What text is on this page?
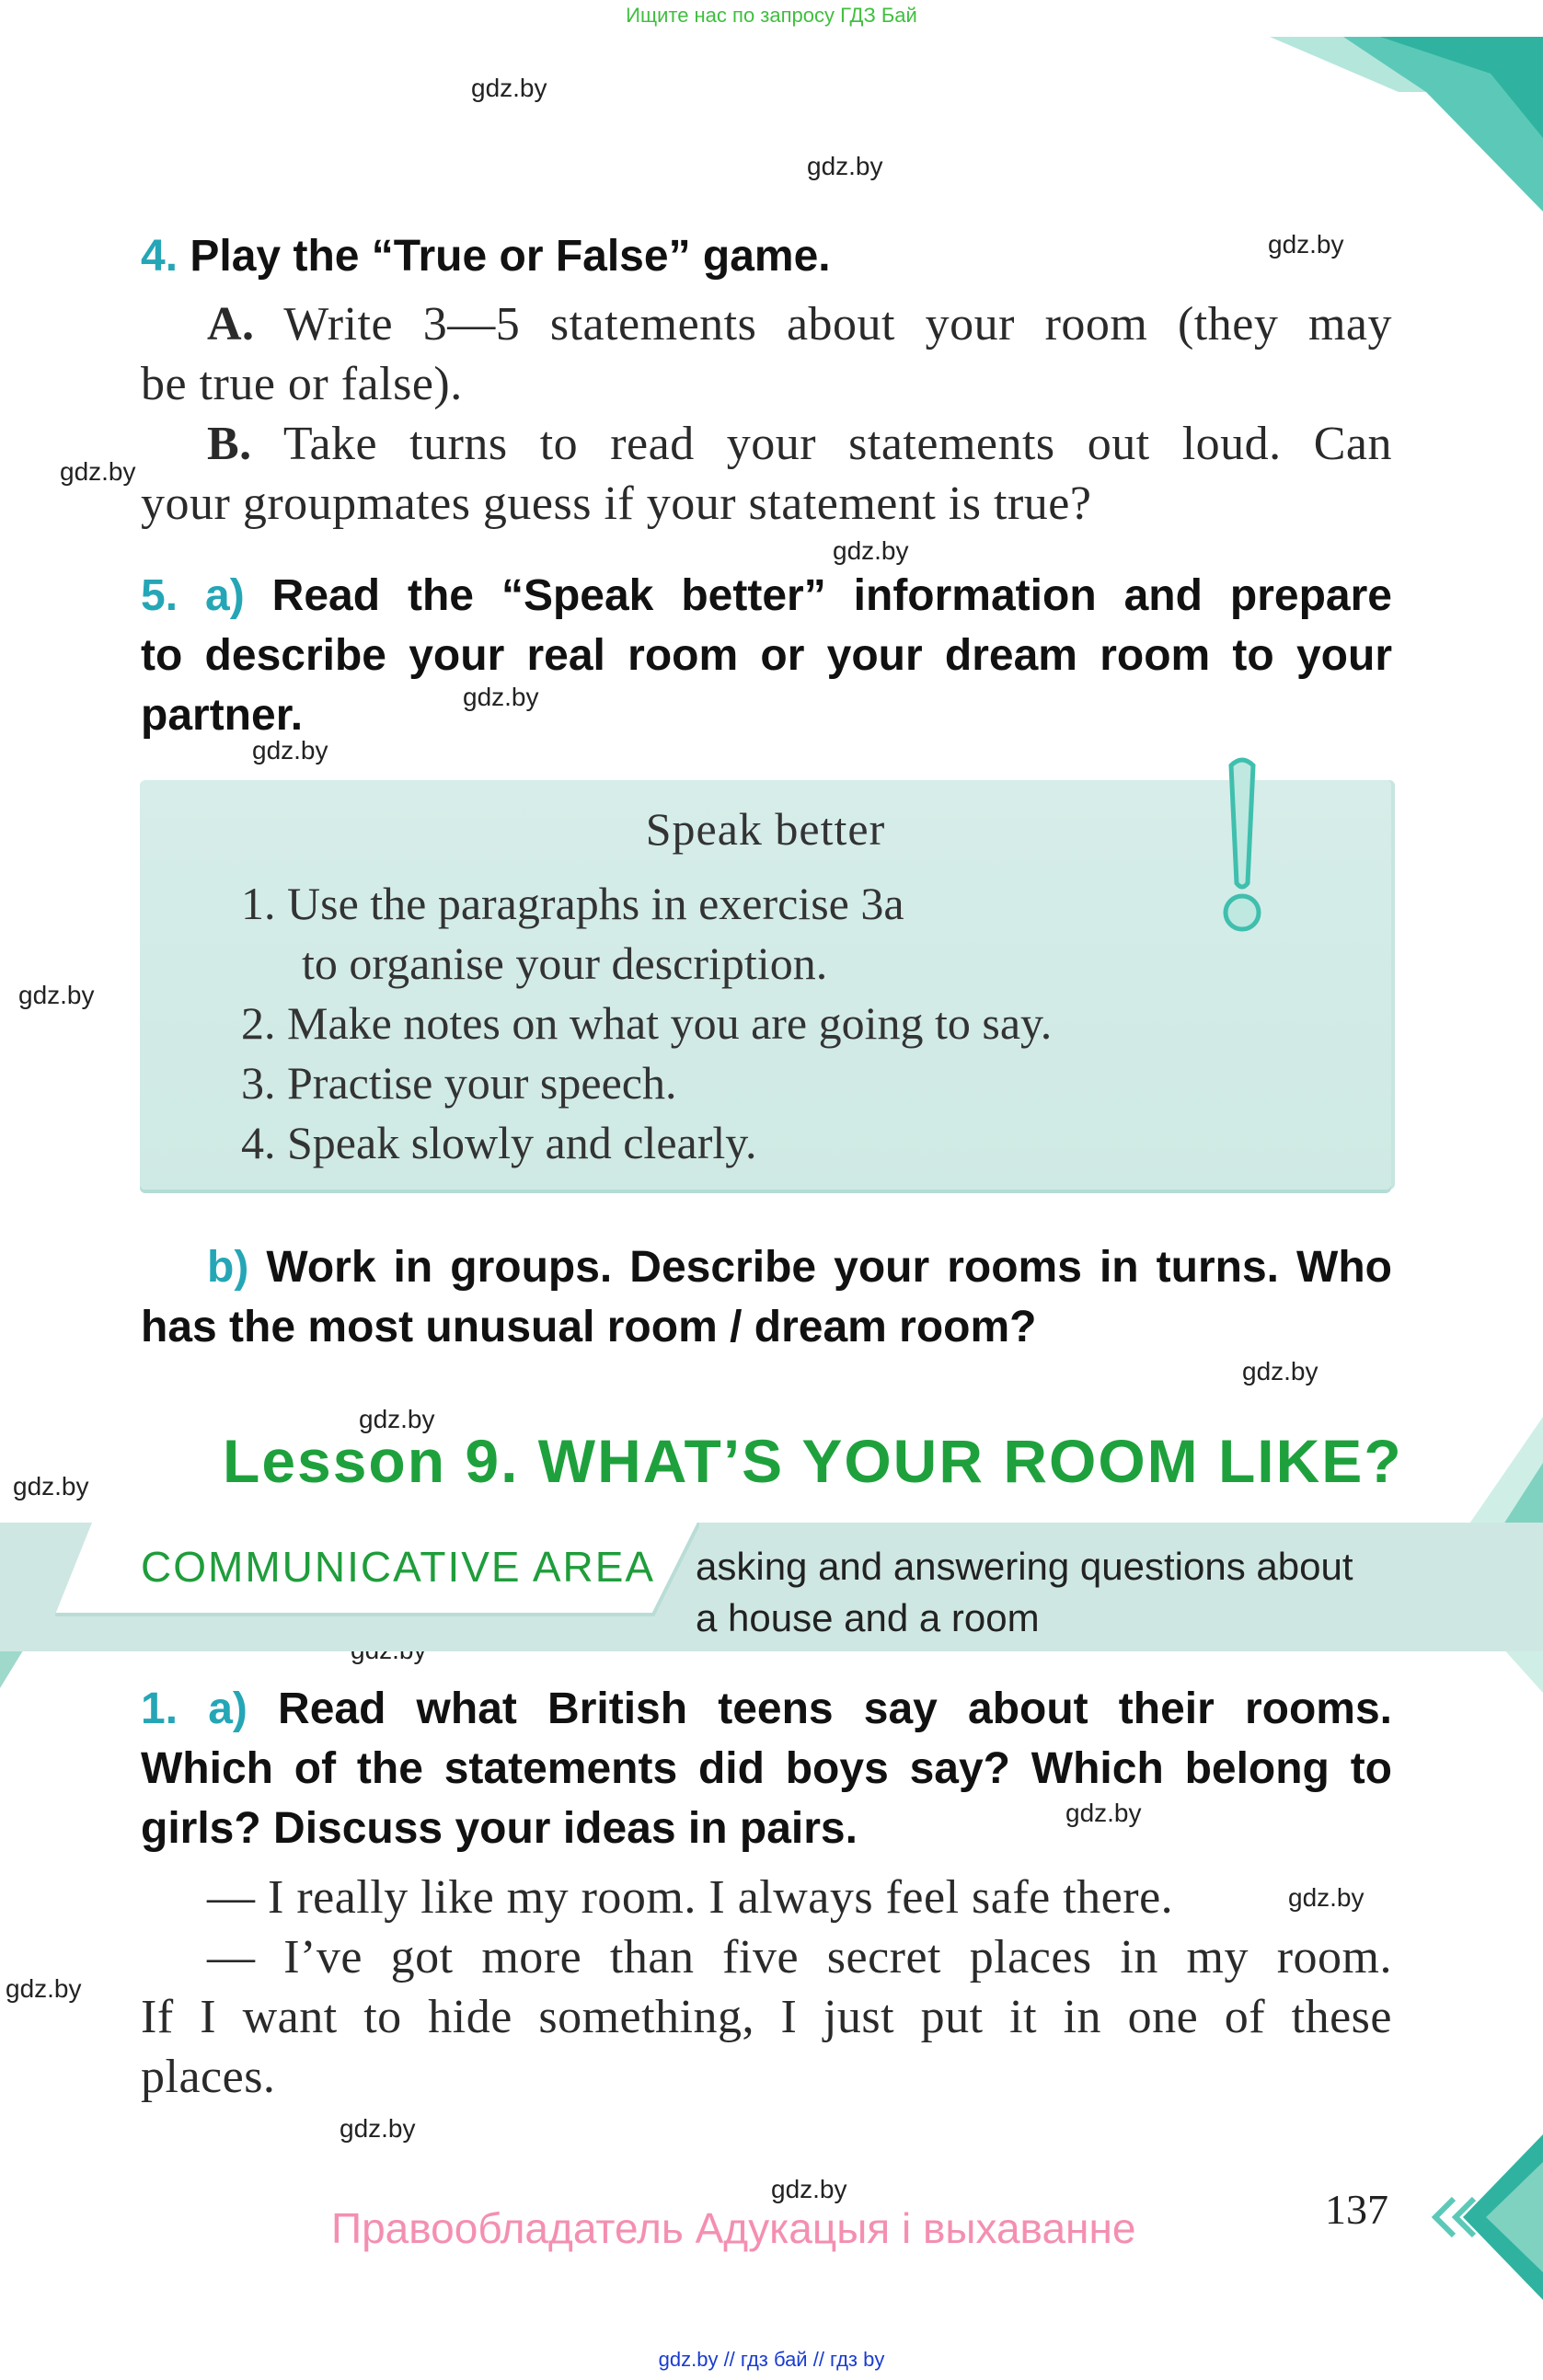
Ищите нас по запросу ГДЗ Бай
gdz.by
gdz.by
gdz.by
gdz.by
gdz.by
gdz.by
gdz.by
gdz.by
gdz.by
gdz.by
gdz.by
gdz.by
gdz.by
gdz.by
gdz.by
gdz.by
4. Play the “True or False” game.
A. Write 3—5 statements about your room (they may
be true or false).
B. Take turns to read your statements out loud. Can
your groupmates guess if your statement is true?
5. a) Read the “Speak better” information and prepare
to describe your real room or your dream room to your
partner.
Speak better
1. Use the paragraphs in exercise 3a
to organise your description.
2. Make notes on what you are going to say.
3. Practise your speech.
4. Speak slowly and clearly.
b) Work in groups. Describe your rooms in turns. Who
has the most unusual room / dream room?
Lesson 9. WHAT’S YOUR ROOM LIKE?
COMMUNICATIVE AREA asking and answering questions about
a house and a room
1. a) Read what British teens say about their rooms.
Which of the statements did boys say? Which belong to
girls? Discuss your ideas in pairs.
— I really like my room. I always feel safe there.
— I’ve got more than five secret places in my room.
If I want to hide something, I just put it in one of these
places.
Правообладатель Адукацыя і выхаванне	137
gdz.by // гдз бай // гдз by
